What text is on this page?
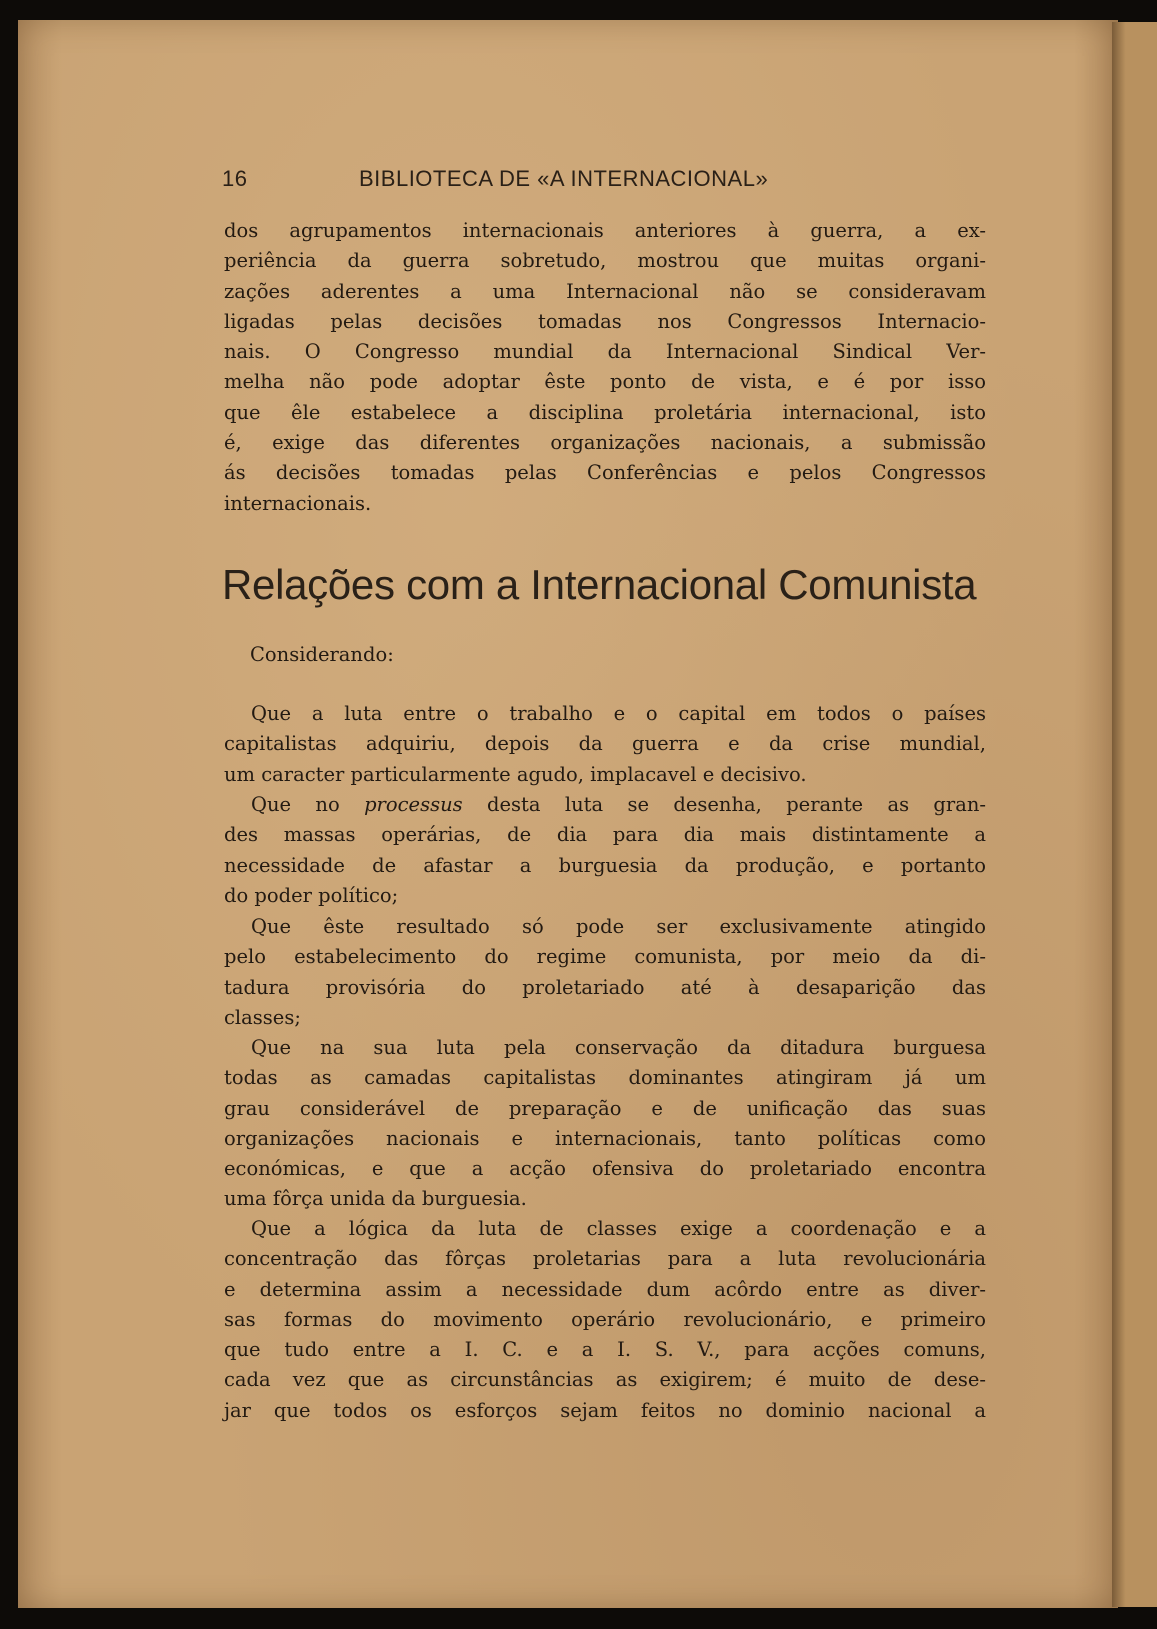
16	BIBLIOTECA DE «A INTERNACIONAL»
dos agrupamentos internacionais anteriores à guerra, a ex-
periência da guerra sobretudo, mostrou que muitas organi-
zações aderentes a uma Internacional não se consideravam
ligadas pelas decisões tomadas nos Congressos Internacio-
nais. O Congresso mundial da Internacional Sindical Ver-
melha não pode adoptar êste ponto de vista, e é por isso
que êle estabelece a disciplina proletária internacional, isto
é, exige das diferentes organizações nacionais, a submissão
ás decisões tomadas pelas Conferências e pelos Congressos
internacionais.
Relações com a Internacional Comunista
Considerando:
Que a luta entre o trabalho e o capital em todos o países
capitalistas adquiriu, depois da guerra e da crise mundial,
um caracter particularmente agudo, implacavel e decisivo.
Que no processus desta luta se desenha, perante as gran-
des massas operárias, de dia para dia mais distintamente a
necessidade de afastar a burguesia da produção, e portanto
do poder político;
Que êste resultado só pode ser exclusivamente atingido
pelo estabelecimento do regime comunista, por meio da di-
tadura provisória do proletariado até à desaparição das
classes;
Que na sua luta pela conservação da ditadura burguesa
todas as camadas capitalistas dominantes atingiram já um
grau considerável de preparação e de unificação das suas
organizações nacionais e internacionais, tanto políticas como
económicas, e que a acção ofensiva do proletariado encontra
uma fôrça unida da burguesia.
Que a lógica da luta de classes exige a coordenação e a
concentração das fôrças proletarias para a luta revolucionária
e determina assim a necessidade dum acôrdo entre as diver-
sas formas do movimento operário revolucionário, e primeiro
que tudo entre a I. C. e a I. S. V., para acções comuns,
cada vez que as circunstâncias as exigirem; é muito de dese-
jar que todos os esforços sejam feitos no dominio nacional a
